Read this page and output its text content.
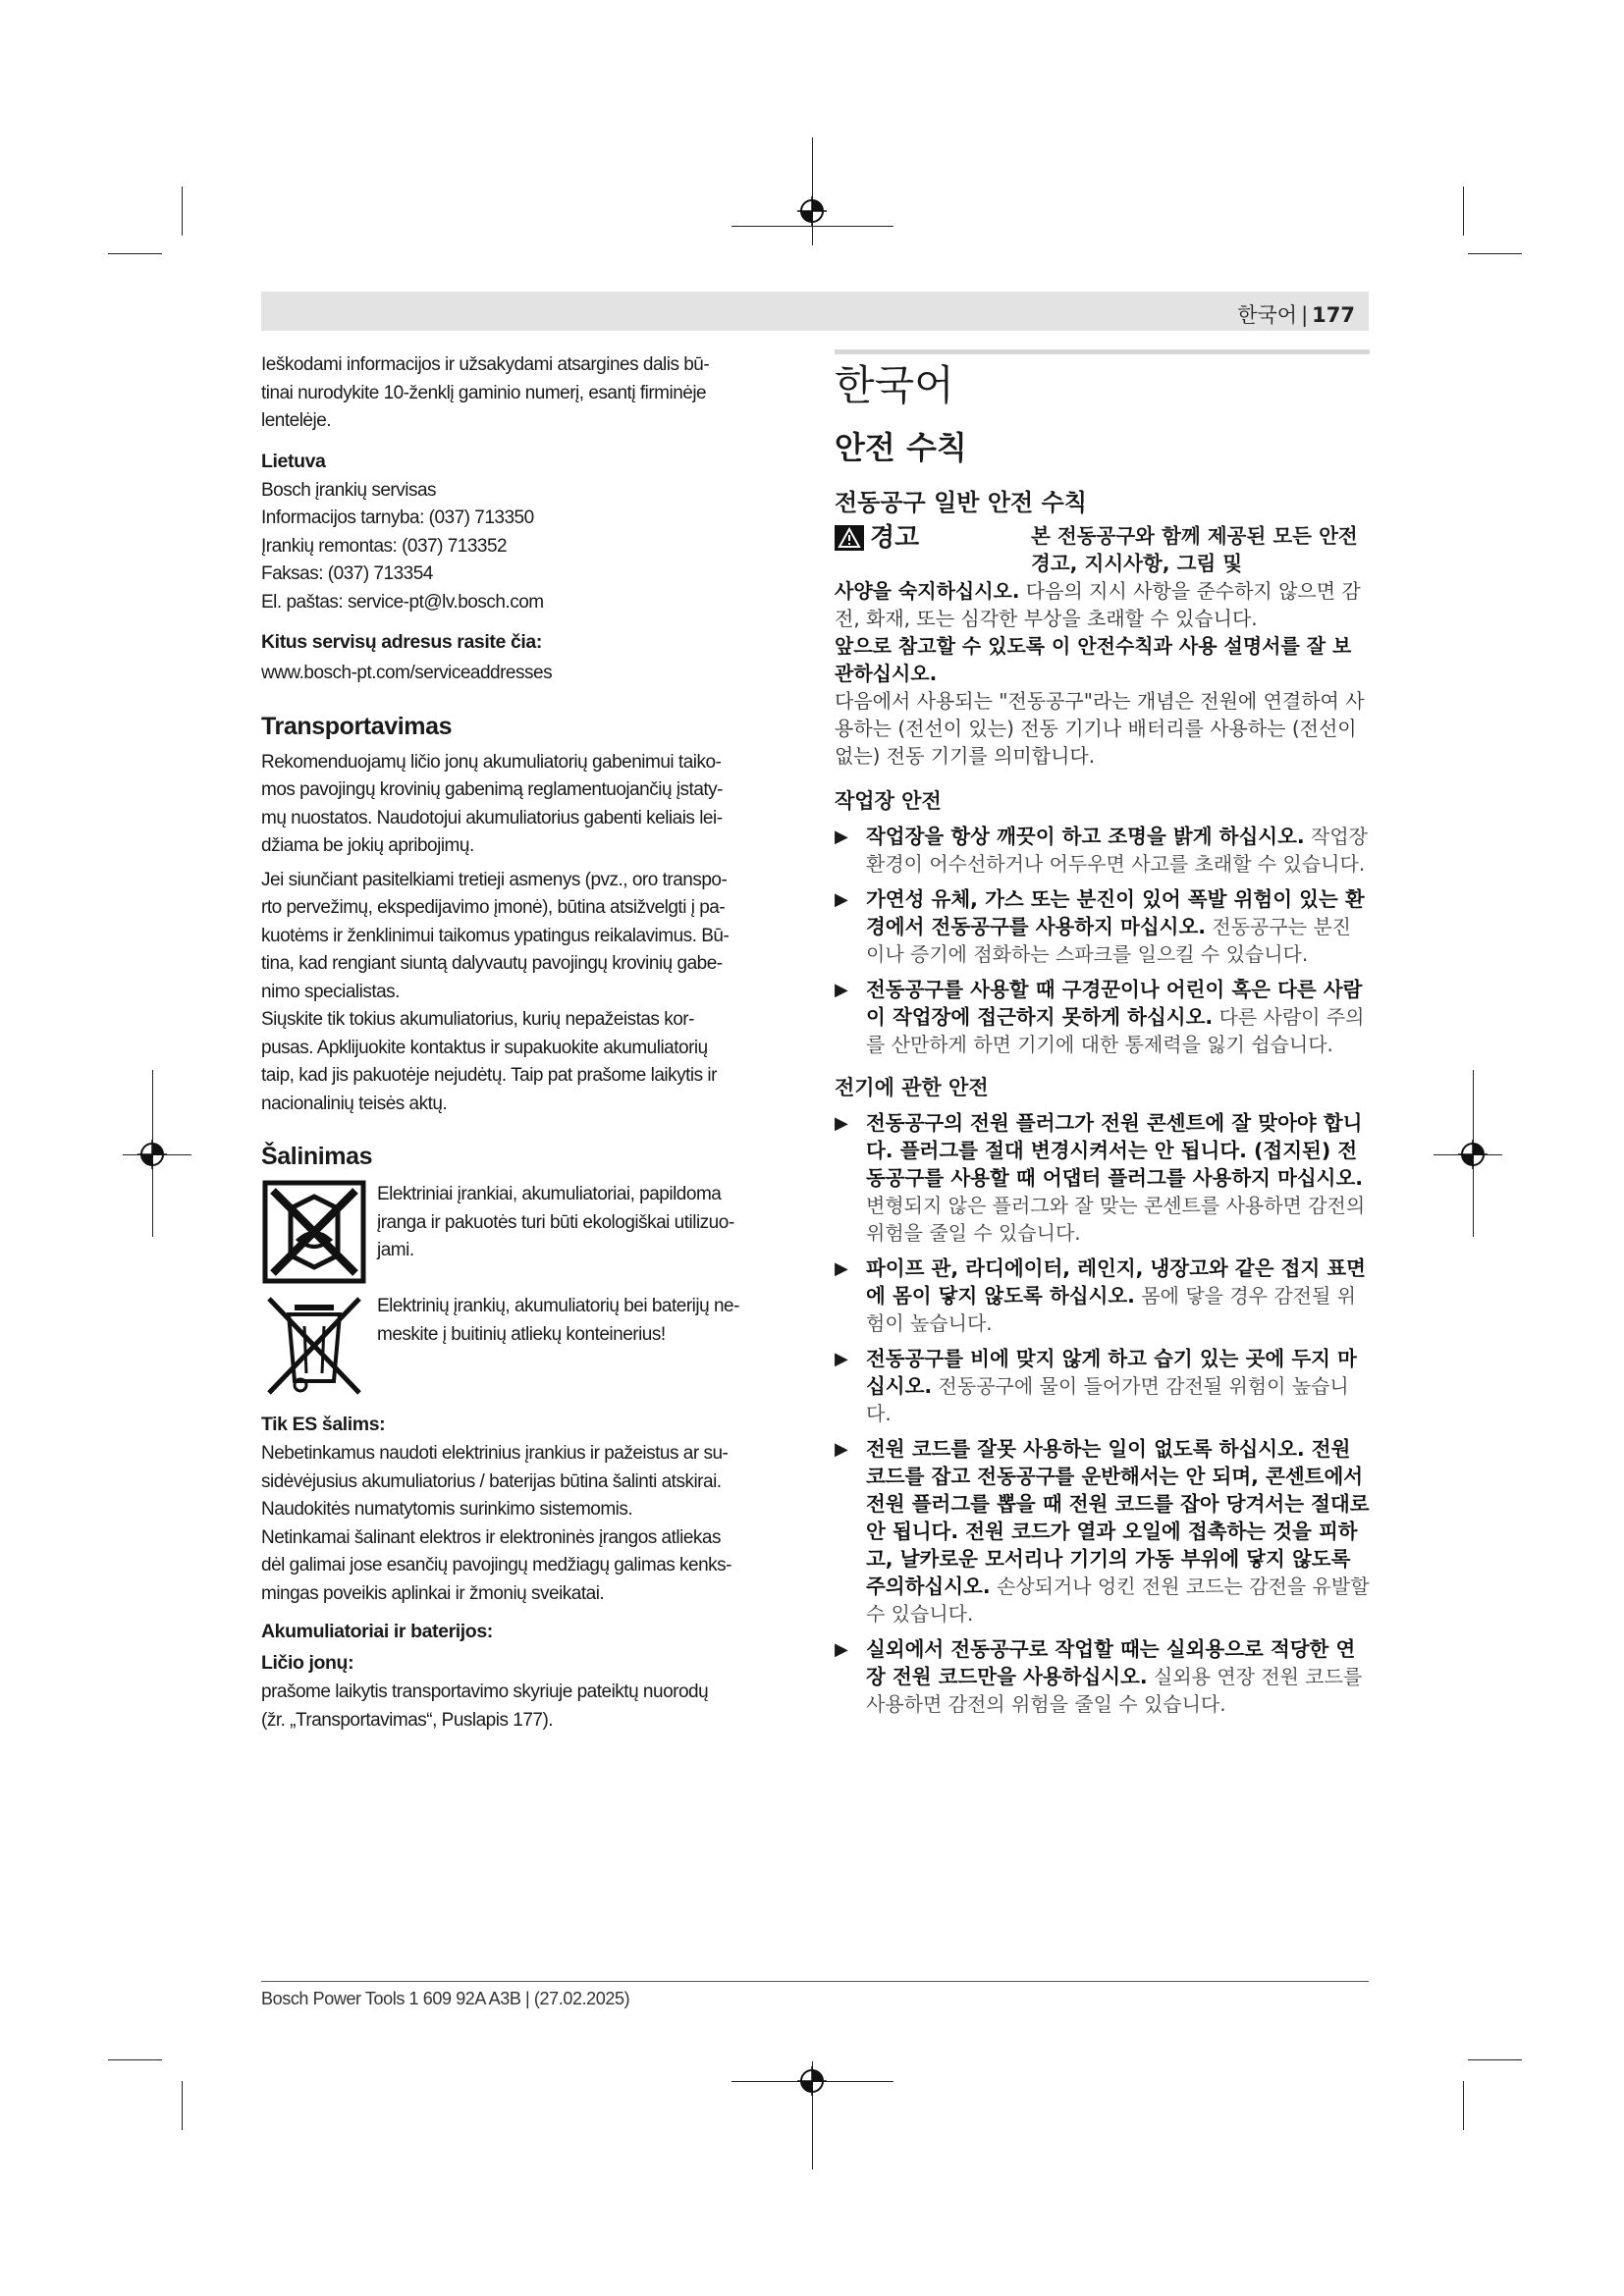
한국어 | 177

Ieškodami informacijos ir užsakydami atsargines dalis bū-

tinai nurodykite 10-ženklį gaminio numerį, esantį firminėje

lentelėje.

Lietuva

Bosch įrankių servisas

Informacijos tarnyba: (037) 713350

Įrankių remontas: (037) 713352

Faksas: (037) 713354

El. paštas: service-pt@lv.bosch.com

Kitus servisų adresus rasite čia:

www.bosch-pt.com/serviceaddresses

Transportavimas

Rekomenduojamų ličio jonų akumuliatorių gabenimui taiko-

mos pavojingų krovinių gabenimą reglamentuojančių įstaty-

mų nuostatos. Naudotojui akumuliatorius gabenti keliais lei-

džiama be jokių apribojimų.

Jei siunčiant pasitelkiami tretieji asmenys (pvz., oro transpo-

rto pervežimų, ekspedijavimo įmonė), būtina atsižvelgti į pa-

kuotėms ir ženklinimui taikomus ypatingus reikalavimus. Bū-

tina, kad rengiant siuntą dalyvautų pavojingų krovinių gabe-

nimo specialistas.

Siųskite tik tokius akumuliatorius, kurių nepažeistas kor-

pusas. Apklijuokite kontaktus ir supakuokite akumuliatorių

taip, kad jis pakuotėje nejudėtų. Taip pat prašome laikytis ir

nacionalinių teisės aktų.

Šalinimas
Elektriniai įrankiai, akumuliatoriai, papildoma
įranga ir pakuotės turi būti ekologiškai utilizuo-
jami.
Elektrinių įrankių, akumuliatorių bei baterijų ne-
meskite į buitinių atliekų konteinerius!
Tik ES šalims:

Nebetinkamus naudoti elektrinius įrankius ir pažeistus ar su-

sidėvėjusius akumuliatorius / baterijas būtina šalinti atskirai.

Naudokitės numatytomis surinkimo sistemomis.

Netinkamai šalinant elektros ir elektroninės įrangos atliekas

dėl galimai jose esančių pavojingų medžiagų galimas kenks-

mingas poveikis aplinkai ir žmonių sveikatai.

Akumuliatoriai ir baterijos:
Ličio jonų:

prašome laikytis transportavimo skyriuje pateiktų nuorodų

(žr. „Transportavimas“, Puslapis 177).

한국어
안전 수칙
전동공구 일반 안전 수칙
경고	본 전동공구와 함께 제공된 모든 안전경고, 지시사항, 그림 및

사양을 숙지하십시오. 다음의 지시 사항을 준수하지 않으면 감전, 화재, 또는 심각한 부상을 초래할 수 있습니다.

앞으로 참고할 수 있도록 이 안전수칙과 사용 설명서를 잘 보관하십시오.

다음에서 사용되는 "전동공구"라는 개념은 전원에 연결하여 사용하는 (전선이 있는) 전동 기기나 배터리를 사용하는 (전선이 없는) 전동 기기를 의미합니다.

작업장 안전
▶ 작업장을 항상 깨끗이 하고 조명을 밝게 하십시오. 작업장 환경이 어수선하거나 어두우면 사고를 초래할 수 있습니다.
▶ 가연성 유체, 가스 또는 분진이 있어 폭발 위험이 있는 환경에서 전동공구를 사용하지 마십시오. 전동공구는 분진이나 증기에 점화하는 스파크를 일으킬 수 있습니다.
▶ 전동공구를 사용할 때 구경꾼이나 어린이 혹은 다른 사람이 작업장에 접근하지 못하게 하십시오. 다른 사람이 주의를 산만하게 하면 기기에 대한 통제력을 잃기 쉽습니다.
전기에 관한 안전
▶ 전동공구의 전원 플러그가 전원 콘센트에 잘 맞아야 합니다. 플러그를 절대 변경시켜서는 안 됩니다. (접지된) 전동공구를 사용할 때 어댑터 플러그를 사용하지 마십시오. 변형되지 않은 플러그와 잘 맞는 콘센트를 사용하면 감전의 위험을 줄일 수 있습니다.
▶ 파이프 관, 라디에이터, 레인지, 냉장고와 같은 접지 표면에 몸이 닿지 않도록 하십시오. 몸에 닿을 경우 감전될 위험이 높습니다.
▶ 전동공구를 비에 맞지 않게 하고 습기 있는 곳에 두지 마십시오. 전동공구에 물이 들어가면 감전될 위험이 높습니다.
▶ 전원 코드를 잘못 사용하는 일이 없도록 하십시오. 전원 코드를 잡고 전동공구를 운반해서는 안 되며, 콘센트에서 전원 플러그를 뽑을 때 전원 코드를 잡아 당겨서는 절대로 안 됩니다. 전원 코드가 열과 오일에 접촉하는 것을 피하고, 날카로운 모서리나 기기의 가동 부위에 닿지 않도록 주의하십시오. 손상되거나 엉킨 전원 코드는 감전을 유발할 수 있습니다.
▶ 실외에서 전동공구로 작업할 때는 실외용으로 적당한 연장 전원 코드만을 사용하십시오. 실외용 연장 전원 코드를 사용하면 감전의 위험을 줄일 수 있습니다.
Bosch Power Tools 1 609 92A A3B | (27.02.2025)
